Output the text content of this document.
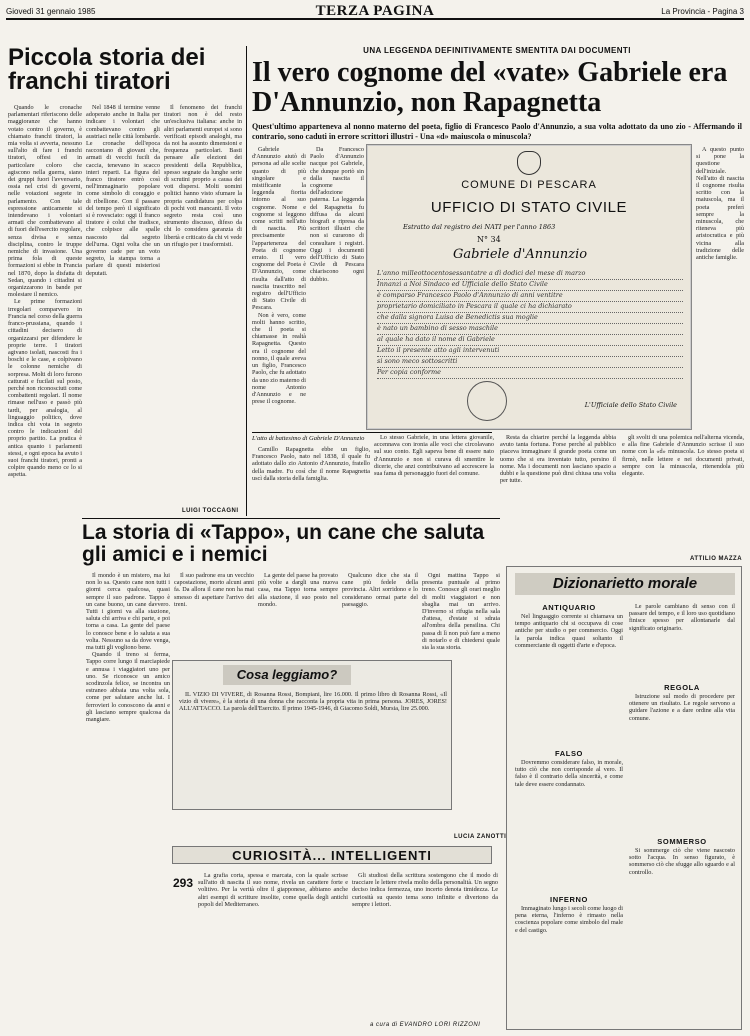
Giovedì 31 gennaio 1985	TERZA PAGINA	La Provincia - Pagina 3
Piccola storia dei franchi tiratori

Quando le cronache parlamentari riferiscono delle maggioranze che hanno votato contro il governo, è chiamato franchi tiratori, la mia volta si avverta, nessuno sull'alto di fare i franchi tiratori, offesi ed in particolare coloro che agiscono nella guerra, siano dei gruppi fuori l'avversario, ossia nel crisi di governi, nelle votazioni segrete in parlamento. Con tale espressione anticamente si intendevano i volontari armati che combattevano al di fuori dell'esercito regolare, senza divisa e senza disciplina, contro le truppe nemiche di invasione. Una prima fola di queste formazioni si ebbe in Francia nel 1870, dopo la disfatta di Sedan, quando i cittadini si organizzarono in bande per molestare il nemico.

Le prime formazioni irregolari comparvero in Francia nel corso della guerra franco-prussiana, quando i cittadini decisero di organizzarsi per difendere le proprie terre. I tiratori agivano isolati, nascosti fra i boschi e le case, e colpivano le colonne nemiche di sorpresa. Molti di loro furono catturati e fucilati sul posto, perché non riconosciuti come combattenti regolari. Il nome rimase nell'uso e passò più tardi, per analogia, al linguaggio politico, dove indica chi vota in segreto contro le indicazioni del proprio partito. La pratica è antica quanto i parlamenti stessi, e ogni epoca ha avuto i suoi franchi tiratori, pronti a colpire quando meno ce lo si aspetta.

Nel 1848 il termine venne adoperato anche in Italia per indicare i volontari che combattevano contro gli austriaci nelle città lombarde. Le cronache dell'epoca raccontano di giovani che, armati di vecchi fucili da caccia, tenevano in scacco interi reparti. La figura del franco tiratore entrò così nell'immaginario popolare come simbolo di coraggio e di ribellione. Con il passare del tempo però il significato si è rovesciato: oggi il franco tiratore è colui che tradisce, che colpisce alle spalle nascosto dal segreto dell'urna. Ogni volta che un governo cade per un voto segreto, la stampa torna a parlare di questi misteriosi deputati.

Il fenomeno dei franchi tiratori non è del resto un'esclusiva italiana: anche in altri parlamenti europei si sono verificati episodi analoghi, ma da noi ha assunto dimensioni e frequenza particolari. Basti pensare alle elezioni dei presidenti della Repubblica, spesso segnate da lunghe serie di scrutini proprio a causa dei voti dispersi. Molti uomini politici hanno visto sfumare la propria candidatura per colpa di pochi voti mancanti. Il voto segreto resta così uno strumento discusso, difeso da chi lo considera garanzia di libertà e criticato da chi vi vede un rifugio per i trasformisti.

LUIGI TOCCAGNI
UNA LEGGENDA DEFINITIVAMENTE SMENTITA DAI DOCUMENTI
Il vero cognome del «vate» Gabriele era D'Annunzio, non Rapagnetta
Quest'ultimo apparteneva al nonno materno del poeta, figlio di Francesco Paolo d'Annunzio, a sua volta adottato da uno zio - Affermando il contrario, sono caduti in errore scrittori illustri - Una «d» maiuscola o minuscola?

Gabriele d'Annunzio aiutò di persona ad alle scelte quanto di più singolare e mistificante la leggenda fiorita intorno al suo cognome. Nome e cognome si leggono come scritti nell'atto di nascita. Più precisamente l'appartenenza del Poeta di cognome errato. Il vero cognome del Poeta è D'Annunzio, come risulta dall'atto di nascita trascritto nel registro dell'Ufficio di Stato Civile di Pescara.

Non è vero, come molti hanno scritto, che il poeta si chiamasse in realtà Rapagnetta. Questo era il cognome del nonno, il quale aveva un figlio, Francesco Paolo, che fu adottato da uno zio materno di nome Antonio d'Annunzio e ne prese il cognome.

Da Francesco Paolo d'Annunzio nacque poi Gabriele, che dunque portò sin dalla nascita il cognome dell'adozione paterna. La leggenda del Rapagnetta fu diffusa da alcuni biografi e ripresa da scrittori illustri che non si curarono di consultare i registri. Oggi i documenti dell'Ufficio di Stato Civile di Pescara chiariscono ogni dubbio.

A questo punto si pone la questione dell'iniziale. Nell'atto di nascita il cognome risulta scritto con la maiuscola, ma il poeta preferì sempre la minuscola, che riteneva più aristocratica e più vicina alla tradizione delle antiche famiglie.

COMUNE DI PESCARA
UFFICIO DI STATO CIVILE
Estratto dal registro dei NATI per l'anno 1863
N° 34
Gabriele d'Annunzio
L'anno milleottocentosessantatre a dì dodici del mese di marzo
Innanzi a Noi Sindaco ed Ufficiale dello Stato Civile
è comparso Francesco Paolo d'Annunzio di anni ventitre
proprietario domiciliato in Pescara il quale ci ha dichiarato
che dalla signora Luisa de Benedictis sua moglie
è nato un bambino di sesso maschile
al quale ha dato il nome di Gabriele
Letto il presente atto agli intervenuti
si sono meco sottoscritti
Per copia conforme
L'Ufficiale dello Stato Civile
L'atto di battesimo di Gabriele D'Annunzio

Camillo Rapagnetta ebbe un figlio, Francesco Paolo, nato nel 1838, il quale fu adottato dallo zio Antonio d'Annunzio, fratello della madre. Fu così che il nome Rapagnetta uscì dalla storia della famiglia.

Lo stesso Gabriele, in una lettera giovanile, accennava con ironia alle voci che circolavano sul suo conto. Egli sapeva bene di essere nato d'Annunzio e non si curava di smentire le dicerie, che anzi contribuivano ad accrescere la sua fama di personaggio fuori del comune.

Resta da chiarire perché la leggenda abbia avuto tanta fortuna. Forse perché al pubblico piaceva immaginare il grande poeta come un uomo che si era inventato tutto, persino il nome. Ma i documenti non lasciano spazio a dubbi e la questione può dirsi chiusa una volta per tutte.

gli svolti di una polemica nell'alterna vicenda, e alla fine Gabriele d'Annunzio scrisse il suo nome con la «d» minuscola. Lo stesso poeta si firmò, nelle lettere e nei documenti privati, sempre con la minuscola, ritenendola più elegante.

ATTILIO MAZZA
La storia di «Tappo», un cane che saluta gli amici e i nemici

Il mondo è un mistero, ma lui non lo sa. Questo cane non tutti i giorni cerca qualcosa, quasi sempre il suo padrone. Tappo è un cane buono, un cane davvero. Tutti i giorni va alla stazione, saluta chi arriva e chi parte, e poi torna a casa. La gente del paese lo conosce bene e lo saluta a sua volta. Nessuno sa da dove venga, ma tutti gli vogliono bene.

Quando il treno si ferma, Tappo corre lungo il marciapiede e annusa i viaggiatori uno per uno. Se riconosce un amico scodinzola felice, se incontra un estraneo abbaia una volta sola, come per salutare anche lui. I ferrovieri lo conoscono da anni e gli lasciano sempre qualcosa da mangiare.

Il suo padrone era un vecchio capostazione, morto alcuni anni fa. Da allora il cane non ha mai smesso di aspettare l'arrivo dei treni.

La gente del paese ha provato più volte a dargli una nuova casa, ma Tappo torna sempre alla stazione, il suo posto nel mondo.

Qualcuno dice che sia il cane più fedele della provincia. Altri sorridono e lo considerano ormai parte del paesaggio.

Ogni mattina Tappo si presenta puntuale al primo treno. Conosce gli orari meglio di molti viaggiatori e non sbaglia mai un arrivo. D'inverno si rifugia nella sala d'attesa, d'estate si sdraia all'ombra della pensilina. Chi passa di lì non può fare a meno di notarlo e di chiedersi quale sia la sua storia.

LUCIA ZANOTTI
Cosa leggiamo?

IL VIZIO DI VIVERE, di Rosanna Rossi, Bompiani, lire 16.000. Il primo libro di Rosanna Rossi, «Il vizio di vivere», è la storia di una donna che racconta la propria vita in prima persona. JORES, JORES! ALL'ATTACCO. La parola dell'Esercito. Il primo 1945-1946, di Giacomo Soldi, Mursia, lire 25.000.

CURIOSITÀ... INTELLIGENTI
293

La grafia corta, spessa e marcata, con la quale scrisse sull'atto di nascita il suo nome, rivela un carattere forte e volitivo. Per la verità oltre il giapponese, abbiamo anche altri esempi di scritture insolite, come quella degli antichi popoli del Mediterraneo.

Gli studiosi della scrittura sostengono che il modo di tracciare le lettere rivela molto della personalità. Un segno deciso indica fermezza, uno incerto denota timidezza. Le curiosità su questo tema sono infinite e divertono da sempre i lettori.

a cura di EVANDRO LORI RIZZONI
Dizionarietto morale
ANTIQUARIO

Nel linguaggio corrente si chiamava un tempo antiquario chi si occupava di cose antiche per studio o per commercio. Oggi la parola indica quasi soltanto il commerciante di oggetti d'arte e d'epoca.

FALSO

Dovremmo considerare falso, in morale, tutto ciò che non corrisponde al vero. Il falso è il contrario della sincerità, e come tale deve essere condannato.

INFERNO

Immaginato lungo i secoli come luogo di pena eterna, l'inferno è rimasto nella coscienza popolare come simbolo del male e del castigo.

Le parole cambiano di senso con il passare del tempo, e il loro uso quotidiano finisce spesso per allontanarle dal significato originario.

REGOLA

Istruzione sul modo di procedere per ottenere un risultato. Le regole servono a guidare l'azione e a dare ordine alla vita comune.

SOMMERSO

Si sommerge ciò che viene nascosto sotto l'acqua. In senso figurato, è sommerso ciò che sfugge allo sguardo e al controllo.
